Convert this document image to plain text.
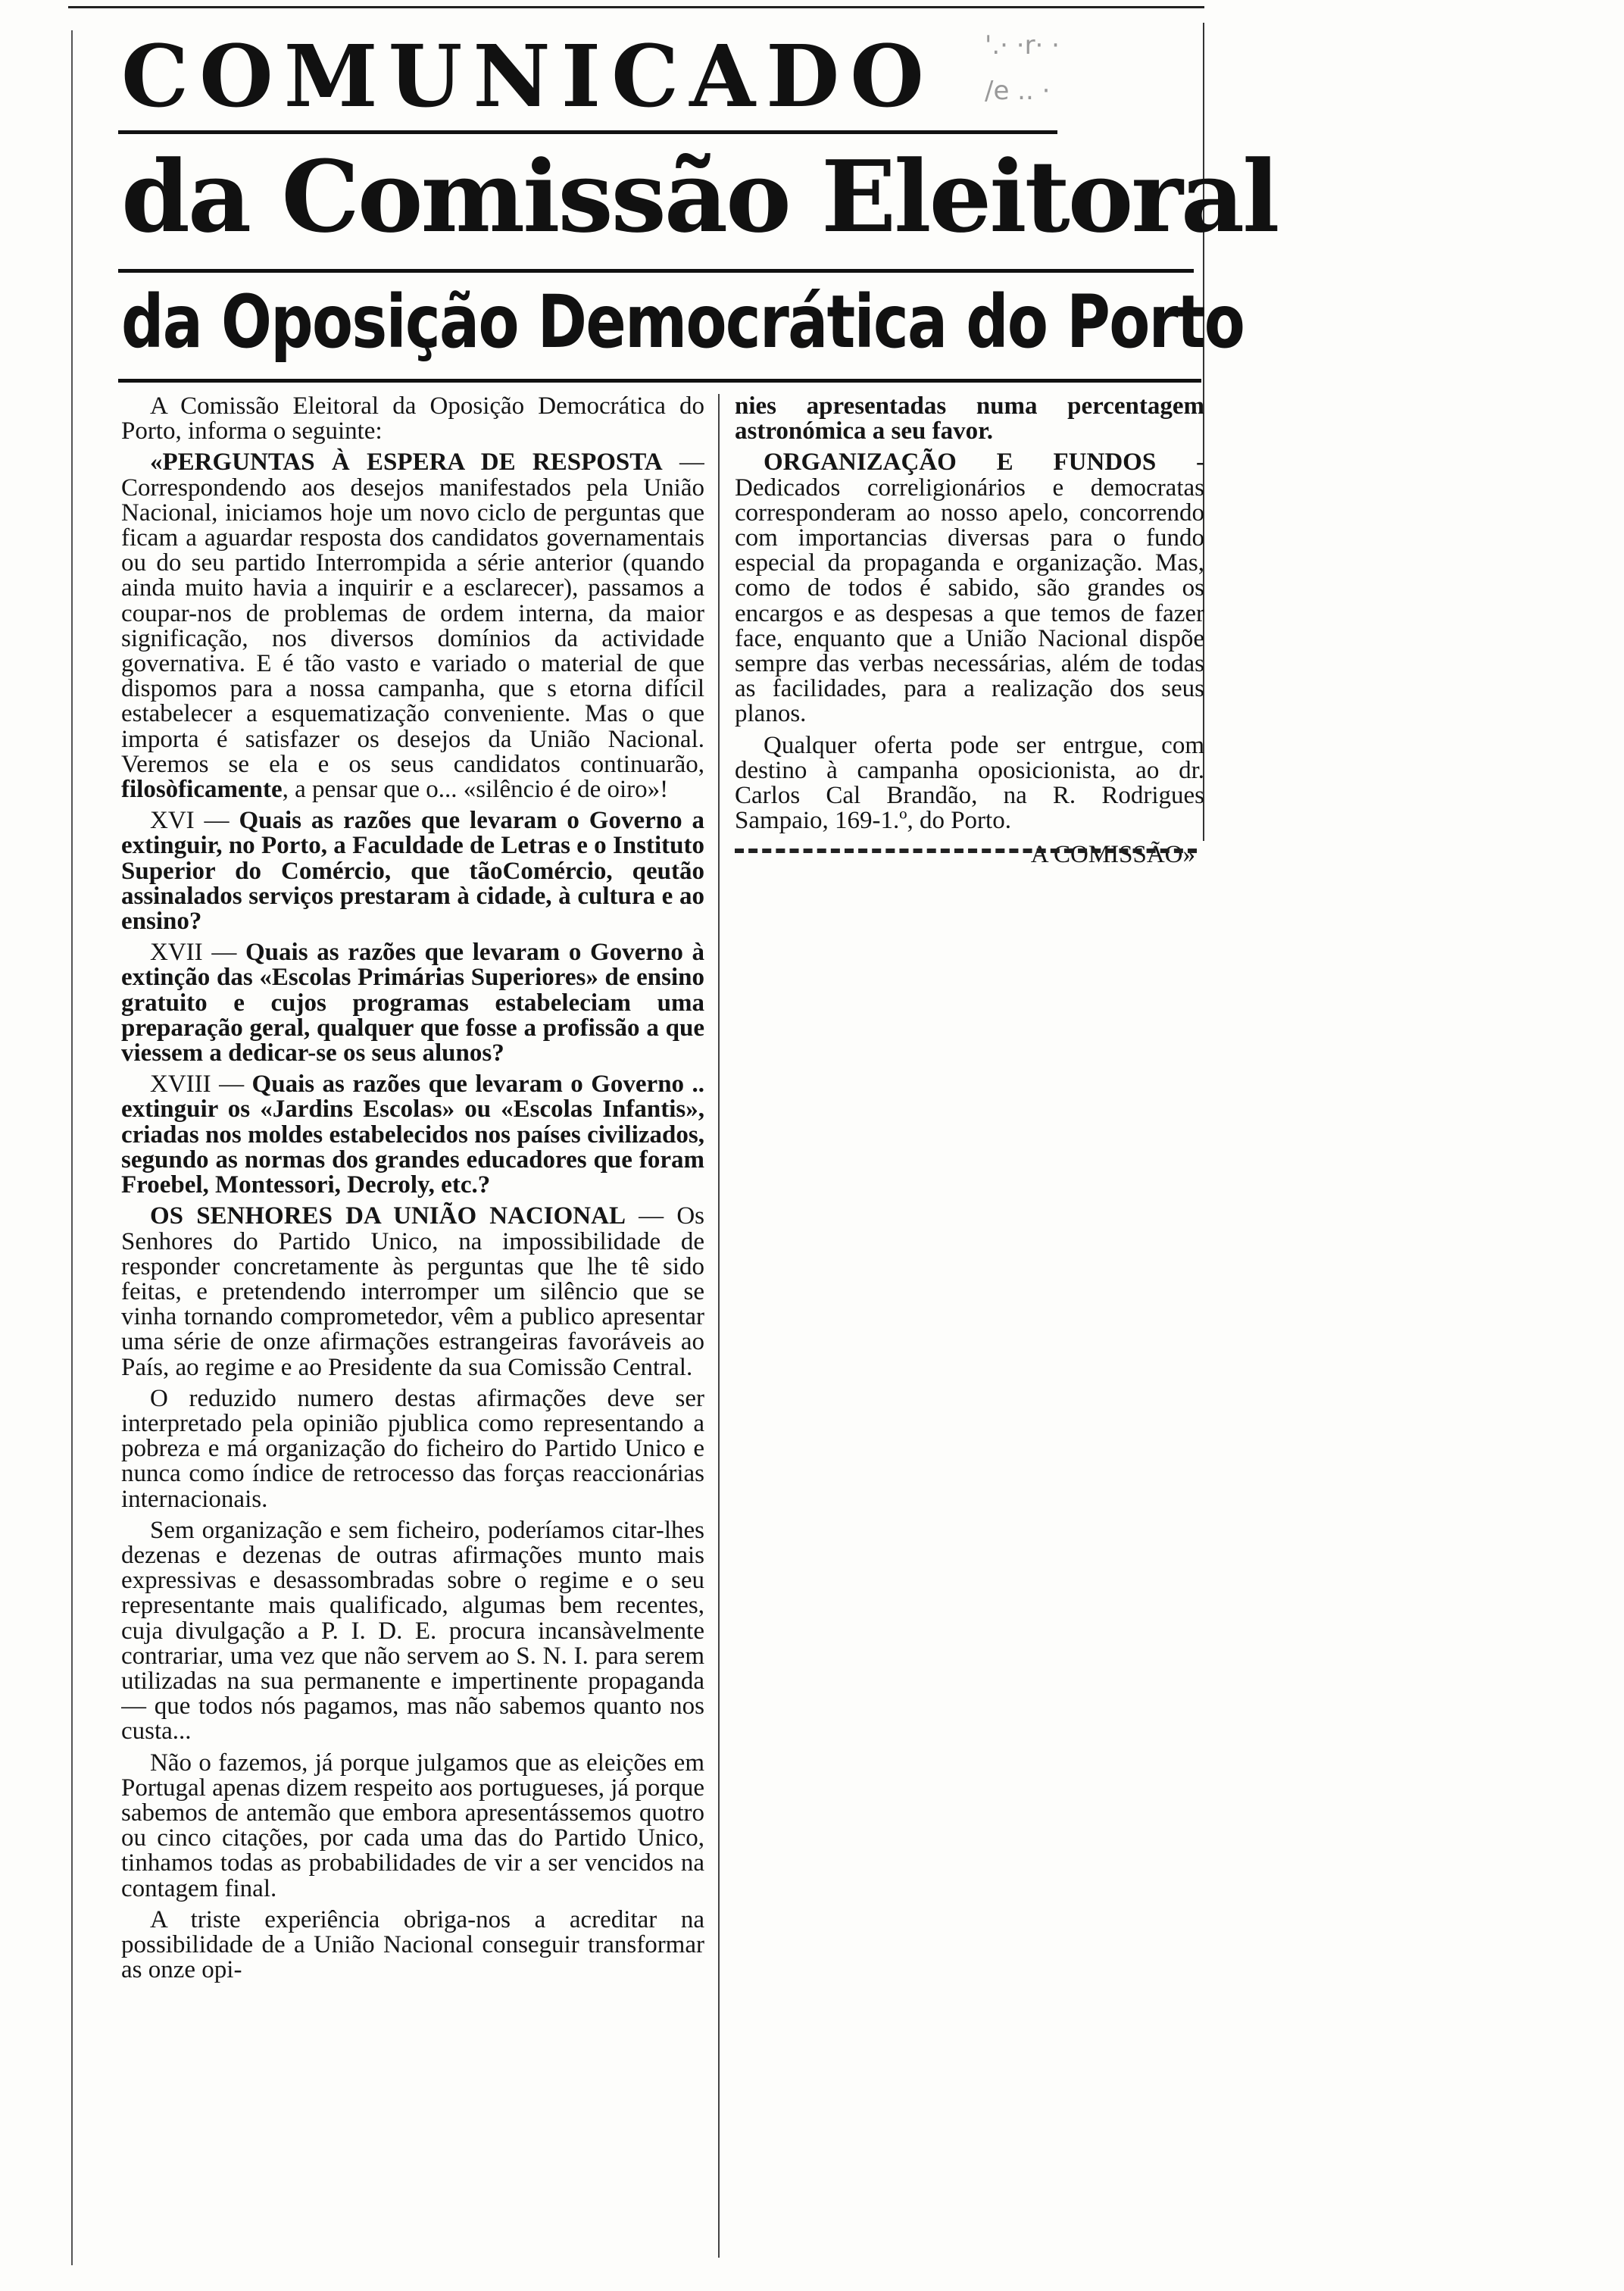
COMUNICADO	'.· ·r· ·
/e .. ·
da Comissão Eleitoral
da Oposição Democrática do Porto

A Comissão Eleitoral da Oposição Democrática do Porto, informa o seguinte:

«PERGUNTAS À ESPERA DE RESPOSTA — Correspondendo aos desejos manifestados pela União Nacional, iniciamos hoje um novo ciclo de perguntas que ficam a aguardar resposta dos candidatos governamentais ou do seu partido Interrompida a série anterior (quando ainda muito havia a inquirir e a esclarecer), passamos a coupar-nos de problemas de ordem interna, da maior significação, nos diversos domínios da actividade governativa. E é tão vasto e variado o material de que dispomos para a nossa campanha, que s etorna difícil estabelecer a esquematização conveniente. Mas o que importa é satisfazer os desejos da União Nacional. Veremos se ela e os seus candidatos continuarão, filosòficamente, a pensar que o... «silêncio é de oiro»!

XVI — Quais as razões que levaram o Governo a extinguir, no Porto, a Faculdade de Letras e o Instituto Superior do Comércio, que tãoComércio, qeutão assinalados serviços prestaram à cidade, à cultura e ao ensino?

XVII — Quais as razões que levaram o Governo à extinção das «Escolas Primárias Superiores» de ensino gratuito e cujos programas estabeleciam uma preparação geral, qualquer que fosse a profissão a que viessem a dedicar-se os seus alunos?

XVIII — Quais as razões que levaram o Governo .. extinguir os «Jardins Escolas» ou «Escolas Infantis», criadas nos moldes estabelecidos nos países civilizados, segundo as normas dos grandes educadores que foram Froebel, Montessori, Decroly, etc.?

OS SENHORES DA UNIÃO NACIONAL — Os Senhores do Partido Unico, na impossibilidade de responder concretamente às perguntas que lhe tê sido feitas, e pretendendo interromper um silêncio que se vinha tornando comprometedor, vêm a publico apresentar uma série de onze afirmações estrangeiras favoráveis ao País, ao regime e ao Presidente da sua Comissão Central.

O reduzido numero destas afirmações deve ser interpretado pela opinião pjublica como representando a pobreza e má organização do ficheiro do Partido Unico e nunca como índice de retrocesso das forças reaccionárias internacionais.

Sem organização e sem ficheiro, poderíamos citar-lhes dezenas e dezenas de outras afirmações munto mais expressivas e desassombradas sobre o regime e o seu representante mais qualificado, algumas bem recentes, cuja divulgação a P. I. D. E. procura incansàvelmente contrariar, uma vez que não servem ao S. N. I. para serem utilizadas na sua permanente e impertinente propaganda — que todos nós pagamos, mas não sabemos quanto nos custa...

Não o fazemos, já porque julgamos que as eleições em Portugal apenas dizem respeito aos portugueses, já porque sabemos de antemão que embora apresentássemos quotro ou cinco citações, por cada uma das do Partido Unico, tinhamos todas as probabilidades de vir a ser vencidos na contagem final.

A triste experiência obriga-nos a acreditar na possibilidade de a União Nacional conseguir transformar as onze opi-

nies apresentadas numa percentagem astronómica a seu favor.

ORGANIZAÇÃO E FUNDOS - Dedicados correligionários e democratas corresponderam ao nosso apelo, concorrendo com importancias diversas para o fundo especial da propaganda e organização. Mas, como de todos é sabido, são grandes os encargos e as despesas a que temos de fazer face, enquanto que a União Nacional dispõe sempre das verbas necessárias, além de todas as facilidades, para a realização dos seus planos.

Qualquer oferta pode ser entrgue, com destino à campanha oposicionista, ao dr. Carlos Cal Brandão, na R. Rodrigues Sampaio, 169-1.º, do Porto.

A COMISSÃO»
